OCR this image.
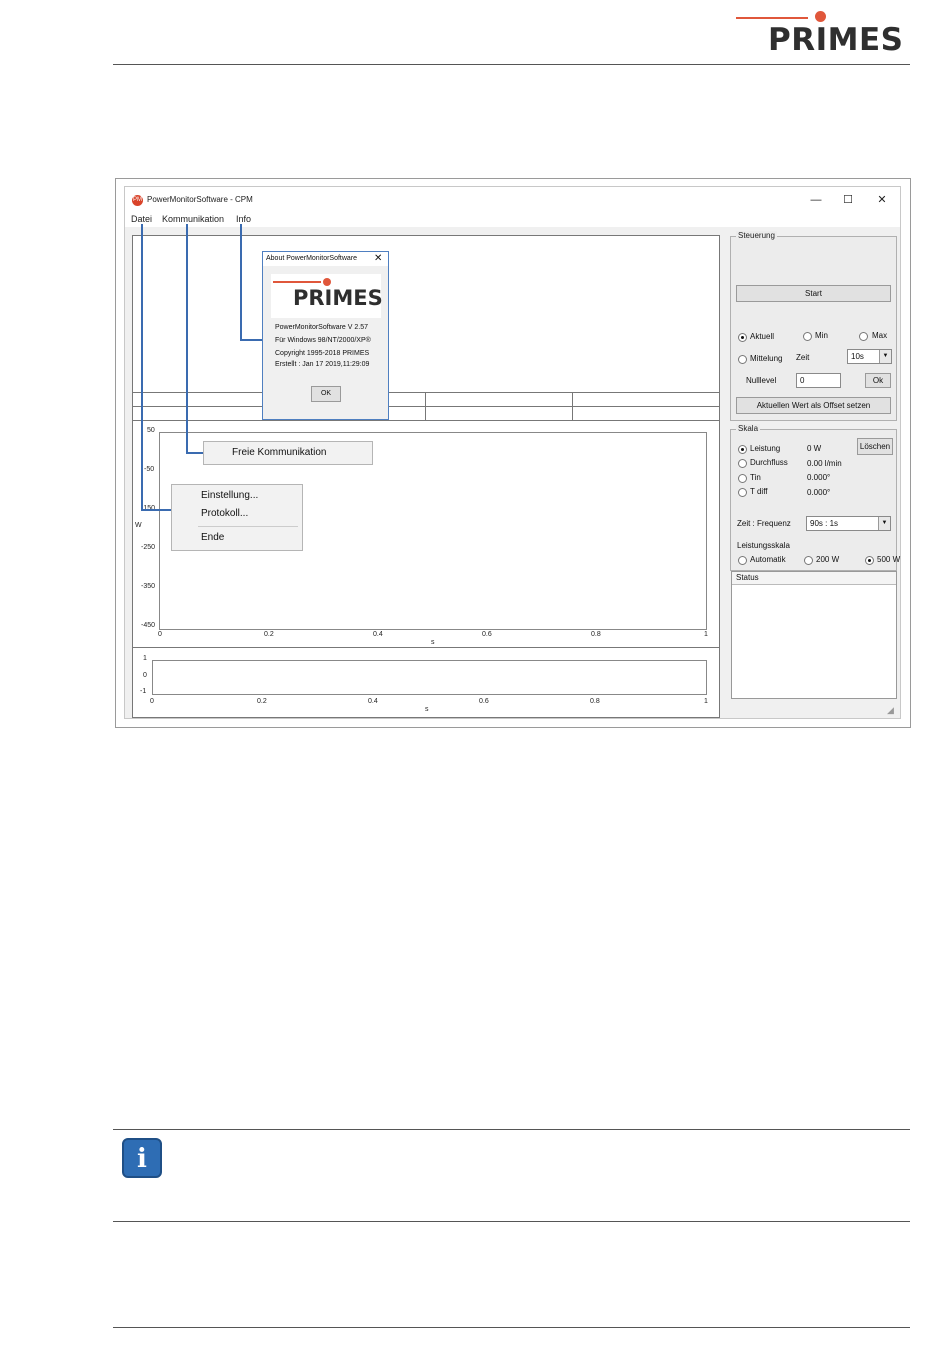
PRIMES
PM PowerMonitorSoftware - CPM	—	☐	✕
Datei Kommunikation Info
W
50
-50
-250
-350
-450
0	0.2	0.4	0.6	0.8	1
s
1
0
-1
0	0.2	0.4	0.6	0.8	1
s
Steuerung
Start
Aktuell	Min	Max
Mittelung Zeit	10s	▼
Nulllevel	0	Ok
Aktuellen Wert als Offset setzen
Skala
Löschen
Leistung	0 W
Durchfluss 0.00 l/min
Tin	0.000°
T diff	0.000°
Zeit : Frequenz	90s : 1s	▼
Leistungsskala
Automatik	200 W	500 W
Status
◢
About PowerMonitorSoftware ✕
PRIMES
PowerMonitorSoftware V 2.57
Für Windows 98/NT/2000/XP®
Copyright 1995-2018 PRIMES
Erstellt : Jan 17 2019,11:29:09
OK
Freie Kommunikation
Einstellung...
Protokoll...
Ende
i
